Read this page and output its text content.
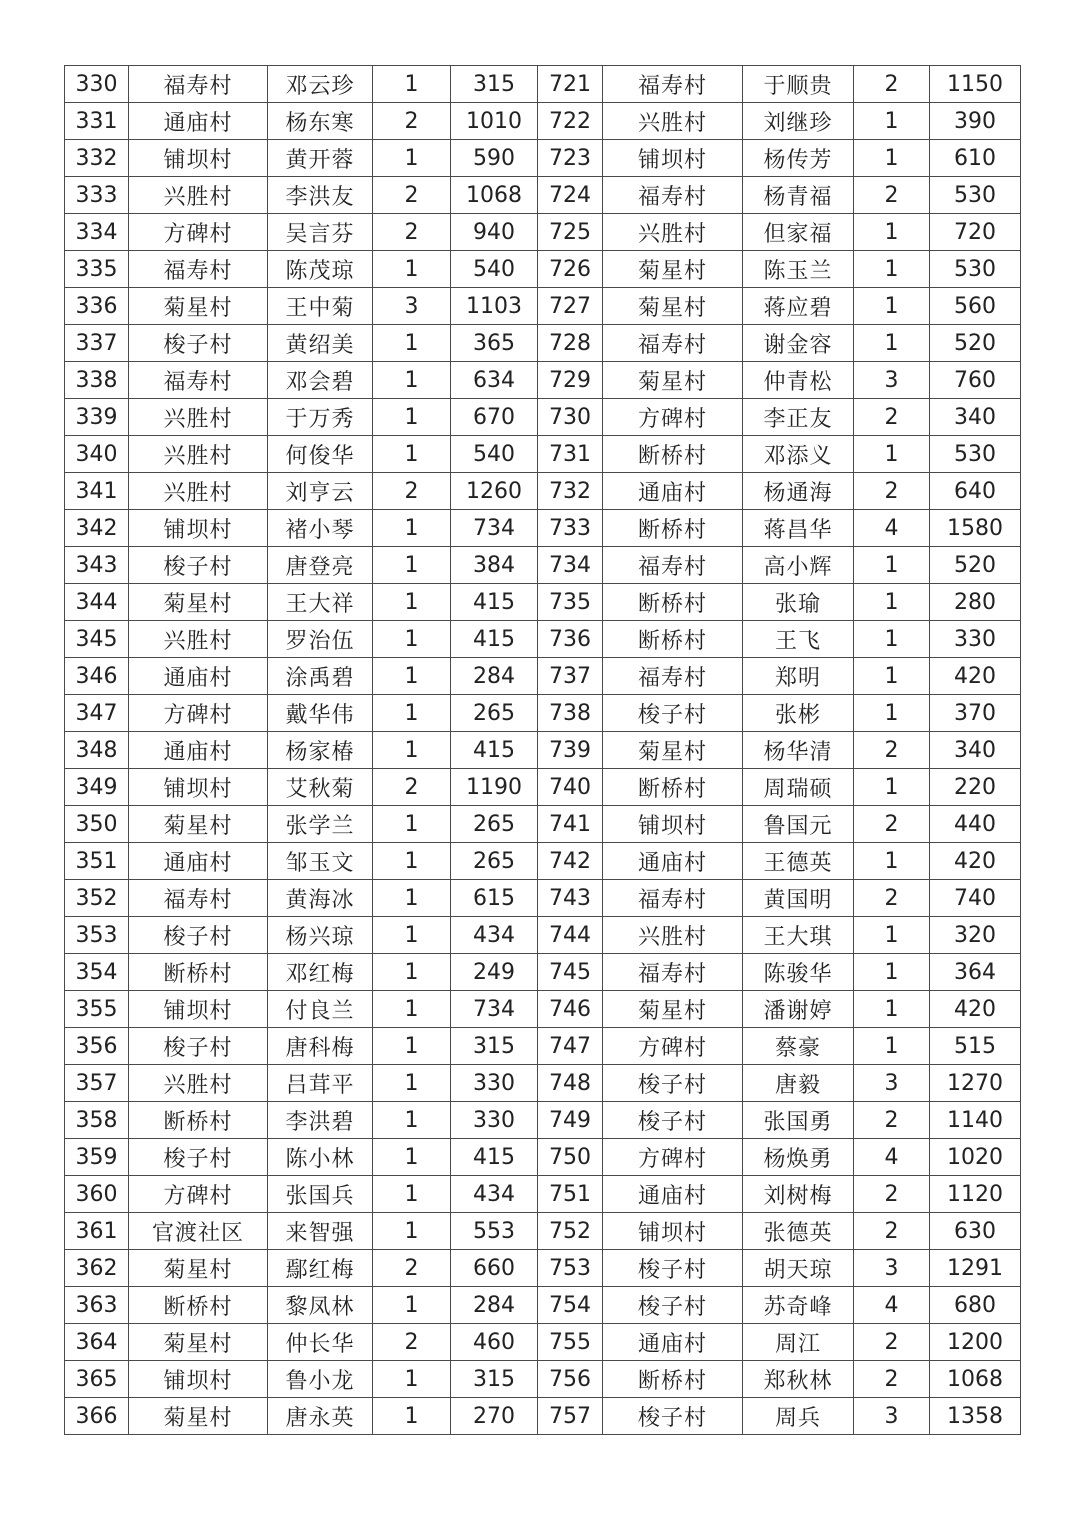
330	福寿村	邓云珍	1	315	721	福寿村	于顺贵	2	1150
331	通庙村	杨东寒	2	1010	722	兴胜村	刘继珍	1	390
332	铺坝村	黄开蓉	1	590	723	铺坝村	杨传芳	1	610
333	兴胜村	李洪友	2	1068	724	福寿村	杨青福	2	530
334	方碑村	吴言芬	2	940	725	兴胜村	但家福	1	720
335	福寿村	陈茂琼	1	540	726	菊星村	陈玉兰	1	530
336	菊星村	王中菊	3	1103	727	菊星村	蒋应碧	1	560
337	梭子村	黄绍美	1	365	728	福寿村	谢金容	1	520
338	福寿村	邓会碧	1	634	729	菊星村	仲青松	3	760
339	兴胜村	于万秀	1	670	730	方碑村	李正友	2	340
340	兴胜村	何俊华	1	540	731	断桥村	邓添义	1	530
341	兴胜村	刘亨云	2	1260	732	通庙村	杨通海	2	640
342	铺坝村	褚小琴	1	734	733	断桥村	蒋昌华	4	1580
343	梭子村	唐登亮	1	384	734	福寿村	高小辉	1	520
344	菊星村	王大祥	1	415	735	断桥村	张瑜	1	280
345	兴胜村	罗治伍	1	415	736	断桥村	王飞	1	330
346	通庙村	涂禹碧	1	284	737	福寿村	郑明	1	420
347	方碑村	戴华伟	1	265	738	梭子村	张彬	1	370
348	通庙村	杨家椿	1	415	739	菊星村	杨华清	2	340
349	铺坝村	艾秋菊	2	1190	740	断桥村	周瑞硕	1	220
350	菊星村	张学兰	1	265	741	铺坝村	鲁国元	2	440
351	通庙村	邹玉文	1	265	742	通庙村	王德英	1	420
352	福寿村	黄海冰	1	615	743	福寿村	黄国明	2	740
353	梭子村	杨兴琼	1	434	744	兴胜村	王大琪	1	320
354	断桥村	邓红梅	1	249	745	福寿村	陈骏华	1	364
355	铺坝村	付良兰	1	734	746	菊星村	潘谢婷	1	420
356	梭子村	唐科梅	1	315	747	方碑村	蔡豪	1	515
357	兴胜村	吕茸平	1	330	748	梭子村	唐毅	3	1270
358	断桥村	李洪碧	1	330	749	梭子村	张国勇	2	1140
359	梭子村	陈小林	1	415	750	方碑村	杨焕勇	4	1020
360	方碑村	张国兵	1	434	751	通庙村	刘树梅	2	1120
361	官渡社区	来智强	1	553	752	铺坝村	张德英	2	630
362	菊星村	鄢红梅	2	660	753	梭子村	胡天琼	3	1291
363	断桥村	黎凤林	1	284	754	梭子村	苏奇峰	4	680
364	菊星村	仲长华	2	460	755	通庙村	周江	2	1200
365	铺坝村	鲁小龙	1	315	756	断桥村	郑秋林	2	1068
366	菊星村	唐永英	1	270	757	梭子村	周兵	3	1358
